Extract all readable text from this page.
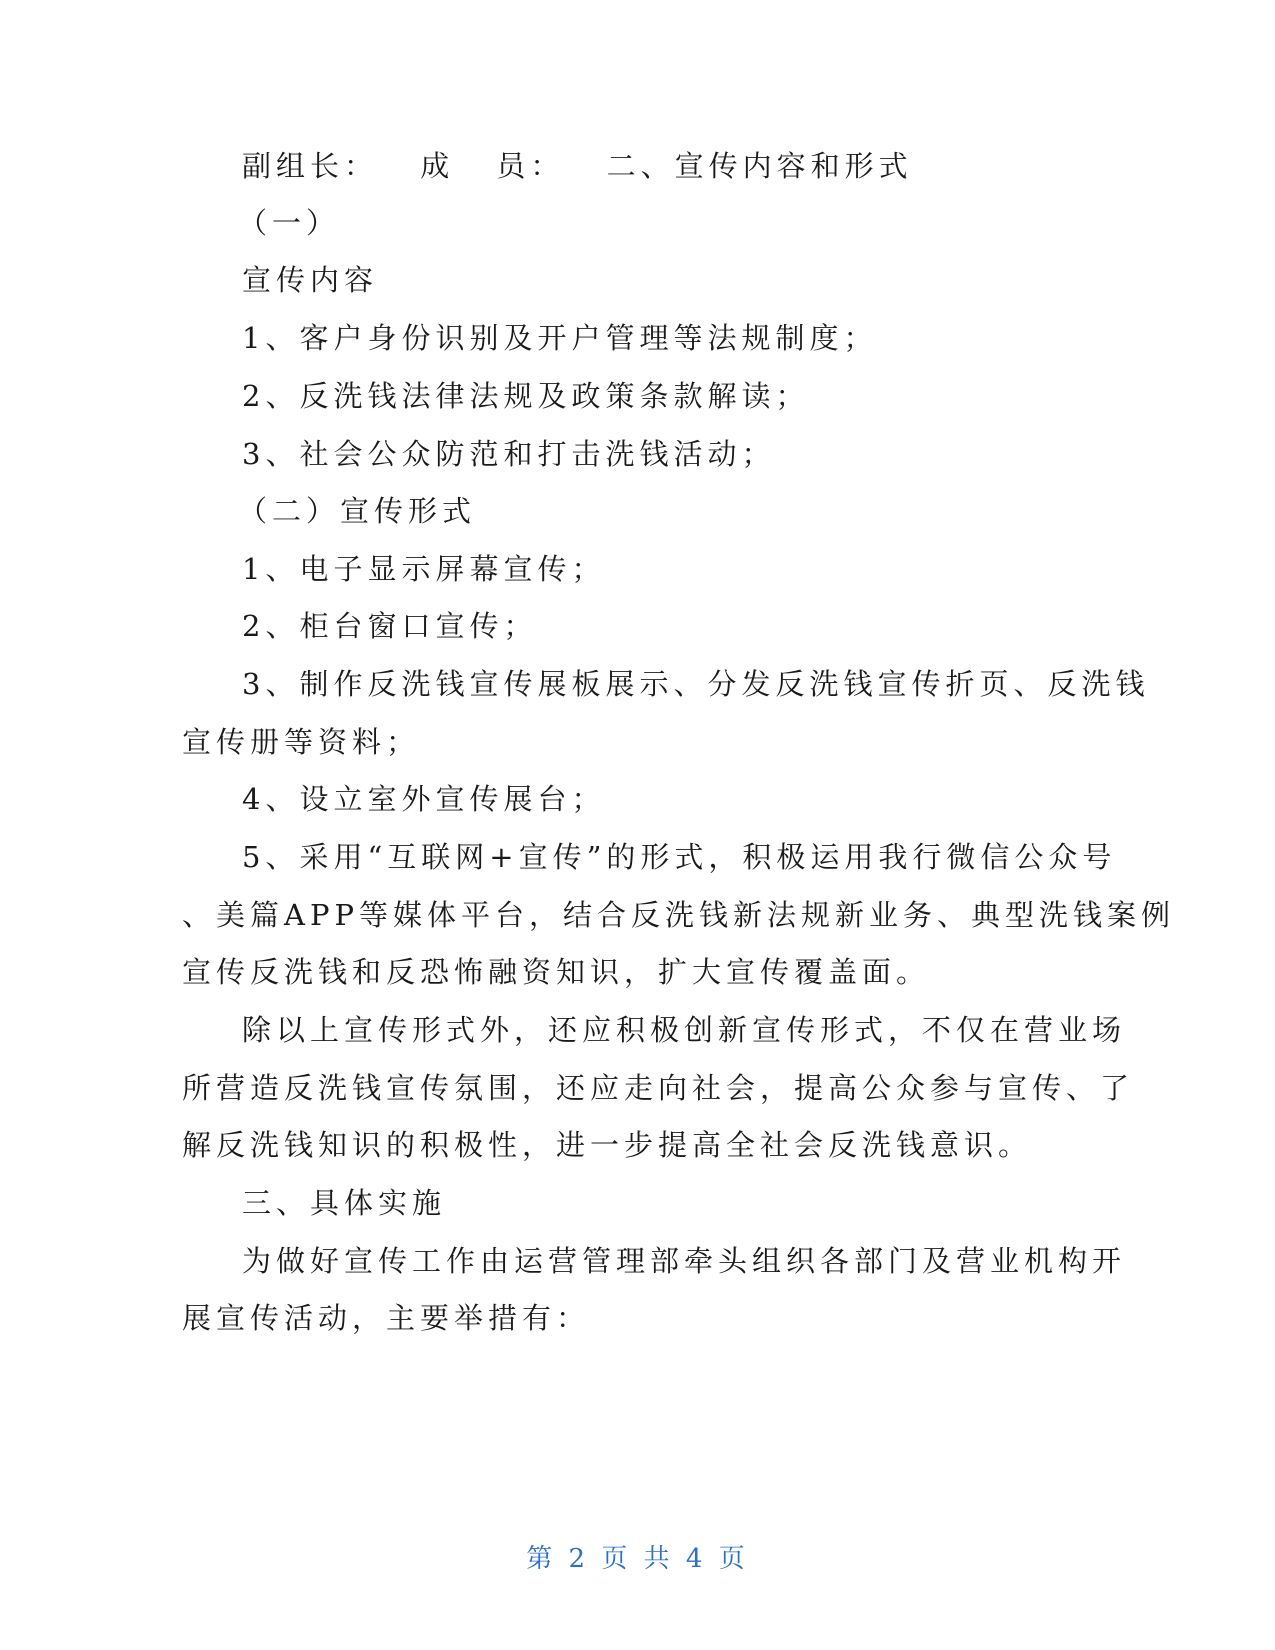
副组长： 成 员： 二、宣传内容和形式
（一）
宣传内容
1、客户身份识别及开户管理等法规制度；
2、反洗钱法律法规及政策条款解读；
3、社会公众防范和打击洗钱活动；
（二）宣传形式
1、电子显示屏幕宣传；
2、柜台窗口宣传；
3、制作反洗钱宣传展板展示、分发反洗钱宣传折页、反洗钱
宣传册等资料；
4、设立室外宣传展台；
5、采用“互联网+宣传”的形式，积极运用我行微信公众号
、美篇APP等媒体平台，结合反洗钱新法规新业务、典型洗钱案例
宣传反洗钱和反恐怖融资知识，扩大宣传覆盖面。
除以上宣传形式外，还应积极创新宣传形式，不仅在营业场
所营造反洗钱宣传氛围，还应走向社会，提高公众参与宣传、了
解反洗钱知识的积极性，进一步提高全社会反洗钱意识。
三、具体实施
为做好宣传工作由运营管理部牵头组织各部门及营业机构开
展宣传活动，主要举措有：
第 2 页 共 4 页
